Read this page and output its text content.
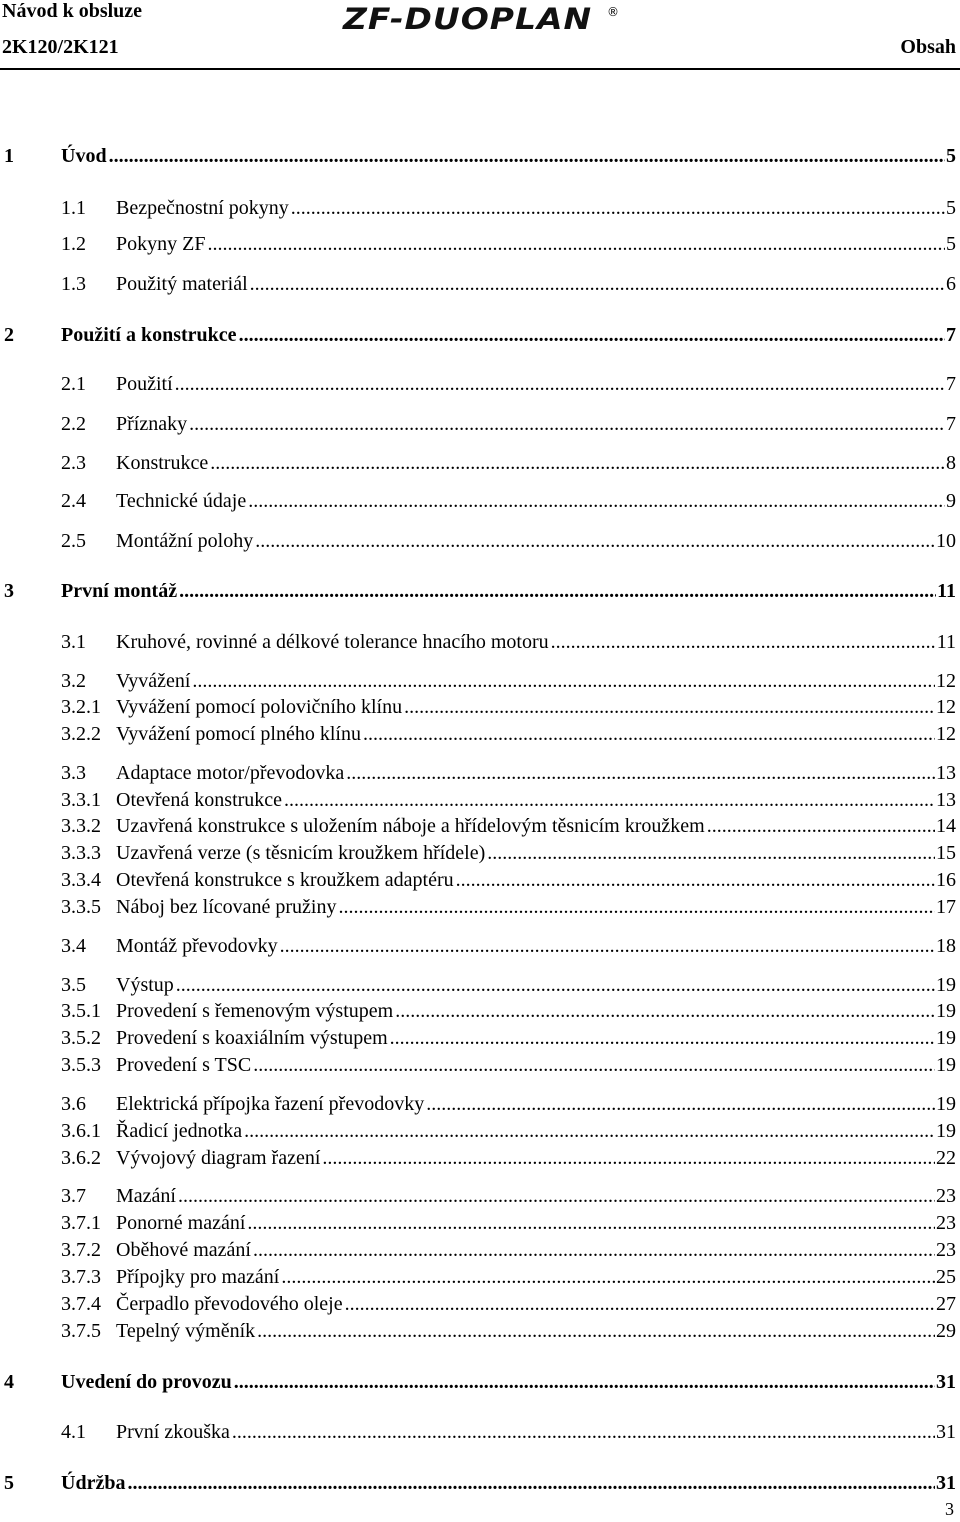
Návod k obsluze
2K120/2K121
ZF-DUOPLAN ®
Obsah
1 Úvod .....	5
1.1 Bezpečnostní pokyny .....	5
1.2 Pokyny ZF .....	5
1.3 Použitý materiál .....	6
2 Použití a konstrukce .....	7
2.1 Použití .....	7
2.2 Příznaky .....	7
2.3 Konstrukce .....	8
2.4 Technické údaje .....	9
2.5 Montážní polohy .....	10
3 První montáž .....	11
3.1 Kruhové, rovinné a délkové tolerance hnacího motoru .....	11
3.2 Vyvážení .....	12
3.2.1 Vyvážení pomocí polovičního klínu .....	12
3.2.2 Vyvážení pomocí plného klínu .....	12
3.3 Adaptace motor/převodovka .....	13
3.3.1 Otevřená konstrukce .....	13
3.3.2 Uzavřená konstrukce s uložením náboje a hřídelovým těsnicím kroužkem .....	14
3.3.3 Uzavřená verze (s těsnicím kroužkem hřídele) .....	15
3.3.4 Otevřená konstrukce s kroužkem adaptéru .....	16
3.3.5 Náboj bez lícované pružiny .....	17
3.4 Montáž převodovky .....	18
3.5 Výstup .....	19
3.5.1 Provedení s řemenovým výstupem .....	19
3.5.2 Provedení s koaxiálním výstupem .....	19
3.5.3 Provedení s TSC .....	19
3.6 Elektrická přípojka řazení převodovky .....	19
3.6.1 Řadicí jednotka .....	19
3.6.2 Vývojový diagram řazení .....	22
3.7 Mazání .....	23
3.7.1 Ponorné mazání .....	23
3.7.2 Oběhové mazání .....	23
3.7.3 Přípojky pro mazání .....	25
3.7.4 Čerpadlo převodového oleje .....	27
3.7.5 Tepelný výměník .....	29
4 Uvedení do provozu .....	31
4.1 První zkouška .....	31
5 Údržba .....	31
3
